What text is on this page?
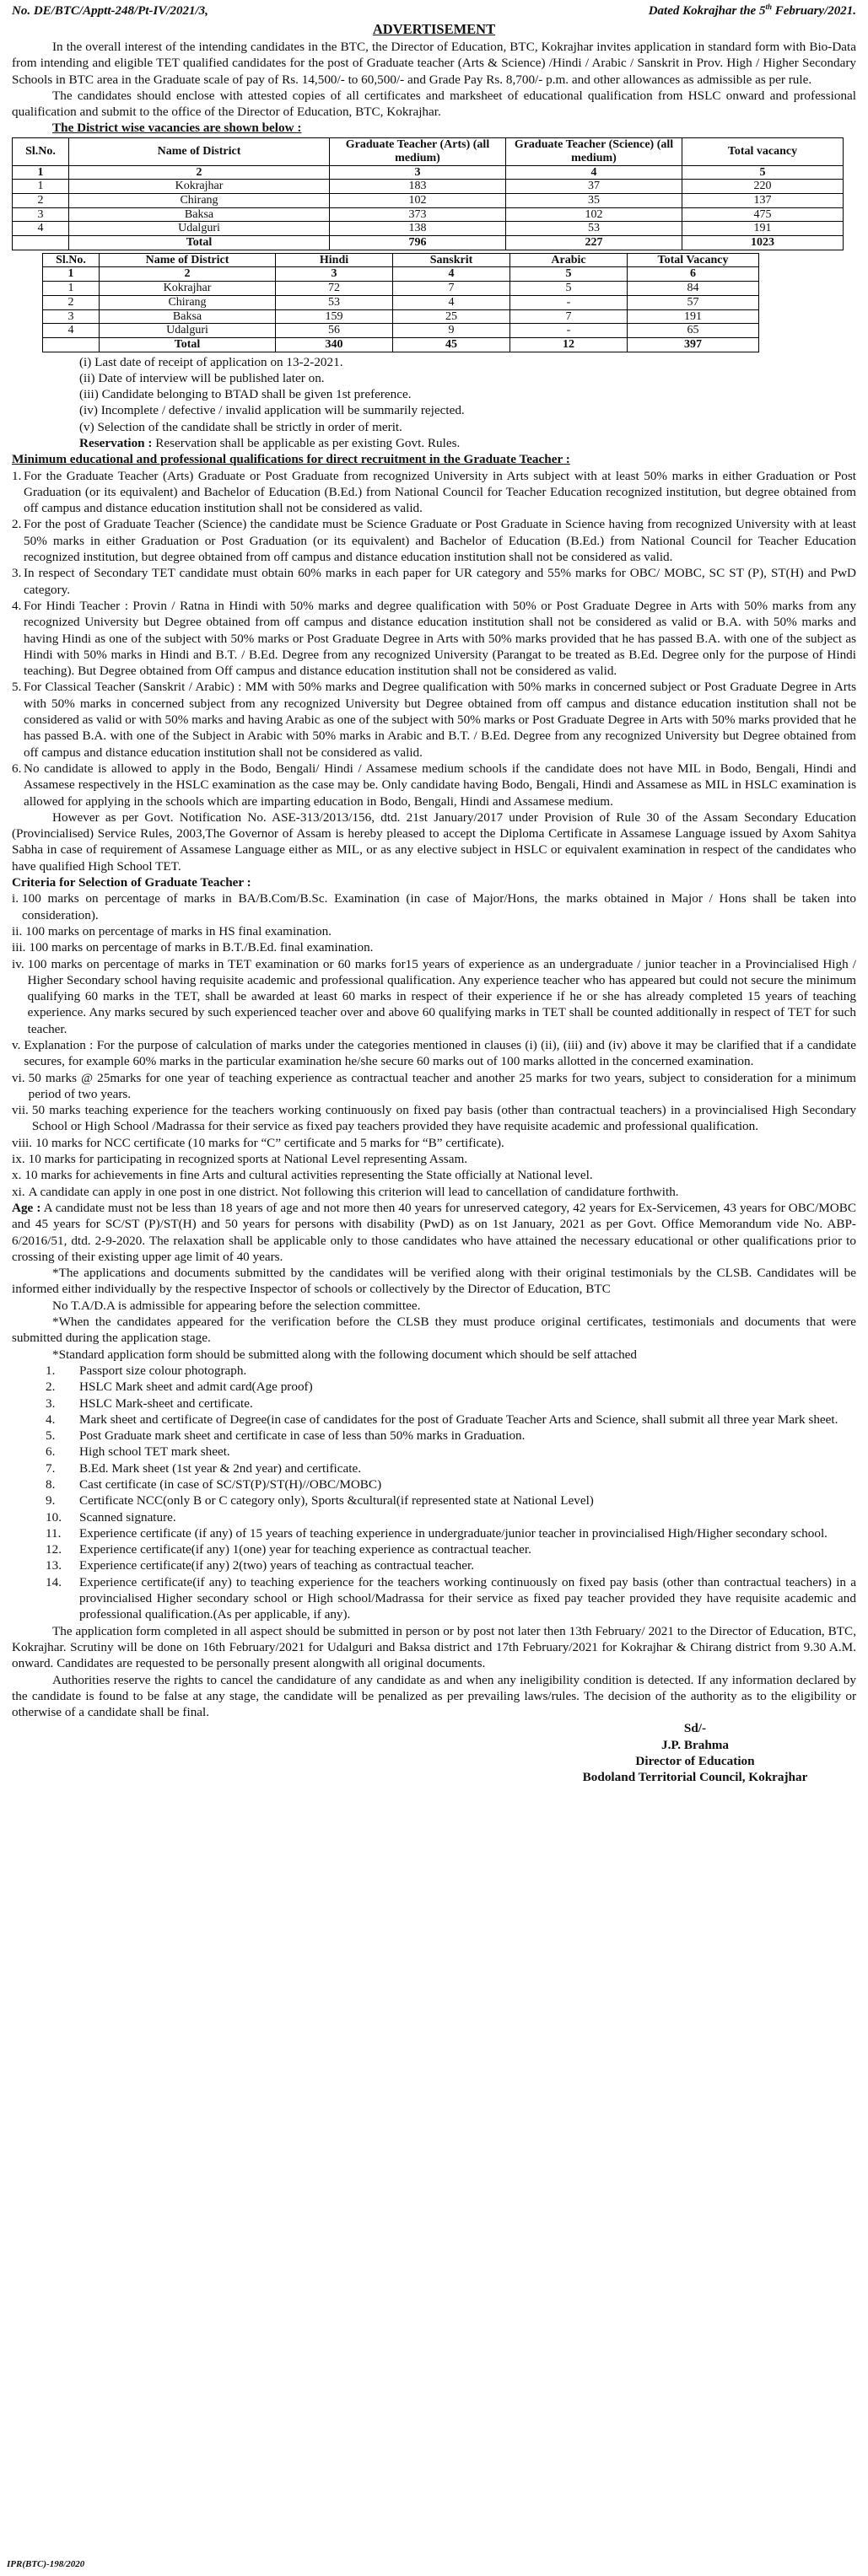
No. DE/BTC/Apptt-248/Pt-IV/2021/3,	Dated Kokrajhar the 5th February/2021.
ADVERTISEMENT

In the overall interest of the intending candidates in the BTC, the Director of Education, BTC, Kokrajhar invites application in standard form with Bio-Data from intending and eligible TET qualified candidates for the post of Graduate teacher (Arts & Science) /Hindi / Arabic / Sanskrit in Prov. High / Higher Secondary Schools in BTC area in the Graduate scale of pay of Rs. 14,500/- to 60,500/- and Grade Pay Rs. 8,700/- p.m. and other allowances as admissible as per rule.

The candidates should enclose with attested copies of all certificates and marksheet of educational qualification from HSLC onward and professional qualification and submit to the office of the Director of Education, BTC, Kokrajhar.

The District wise vacancies are shown below :
Sl.No.	Name of District	Graduate Teacher (Arts) (all medium)	Graduate Teacher (Science) (all medium)	Total vacancy
1	2	3	4	5
1	Kokrajhar	183	37	220
2	Chirang	102	35	137
3	Baksa	373	102	475
4	Udalguri	138	53	191
	Total	796	227	1023
Sl.No.	Name of District	Hindi	Sanskrit	Arabic	Total Vacancy
1	2	3	4	5	6
1	Kokrajhar	72	7	5	84
2	Chirang	53	4	-	57
3	Baksa	159	25	7	191
4	Udalguri	56	9	-	65
	Total	340	45	12	397
(i) Last date of receipt of application on 13-2-2021.
(ii) Date of interview will be published later on.
(iii) Candidate belonging to BTAD shall be given 1st preference.
(iv) Incomplete / defective / invalid application will be summarily rejected.
(v) Selection of the candidate shall be strictly in order of merit.
Reservation : Reservation shall be applicable as per existing Govt. Rules.
Minimum educational and professional qualifications for direct recruitment in the Graduate Teacher :
1. For the Graduate Teacher (Arts) Graduate or Post Graduate from recognized University in Arts subject with at least 50% marks in either Graduation or Post Graduation (or its equivalent) and Bachelor of Education (B.Ed.) from National Council for Teacher Education recognized institution, but degree obtained from off campus and distance education institution shall not be considered as valid.
2. For the post of Graduate Teacher (Science) the candidate must be Science Graduate or Post Graduate in Science having from recognized University with at least 50% marks in either Graduation or Post Graduation (or its equivalent) and Bachelor of Education (B.Ed.) from National Council for Teacher Education recognized institution, but degree obtained from off campus and distance education institution shall not be considered as valid.
3. In respect of Secondary TET candidate must obtain 60% marks in each paper for UR category and 55% marks for OBC/ MOBC, SC ST (P), ST(H) and PwD category.
4. For Hindi Teacher : Provin / Ratna in Hindi with 50% marks and degree qualification with 50% or Post Graduate Degree in Arts with 50% marks from any recognized University but Degree obtained from off campus and distance education institution shall not be considered as valid or B.A. with 50% marks and having Hindi as one of the subject with 50% marks or Post Graduate Degree in Arts with 50% marks provided that he has passed B.A. with one of the subject as Hindi with 50% marks in Hindi and B.T. / B.Ed. Degree from any recognized University (Parangat to be treated as B.Ed. Degree only for the purpose of Hindi teaching). But Degree obtained from Off campus and distance education institution shall not be considered as valid.
5. For Classical Teacher (Sanskrit / Arabic) : MM with 50% marks and Degree qualification with 50% marks in concerned subject or Post Graduate Degree in Arts with 50% marks in concerned subject from any recognized University but Degree obtained from off campus and distance education institution shall not be considered as valid or with 50% marks and having Arabic as one of the subject with 50% marks or Post Graduate Degree in Arts with 50% marks provided that he has passed B.A. with one of the Subject in Arabic with 50% marks in Arabic and B.T. / B.Ed. Degree from any recognized University but Degree obtained from off campus and distance education institution shall not be considered as valid.
6. No candidate is allowed to apply in the Bodo, Bengali/ Hindi / Assamese medium schools if the candidate does not have MIL in Bodo, Bengali, Hindi and Assamese respectively in the HSLC examination as the case may be. Only candidate having Bodo, Bengali, Hindi and Assamese as MIL in HSLC examination is allowed for applying in the schools which are imparting education in Bodo, Bengali, Hindi and Assamese medium.

However as per Govt. Notification No. ASE-313/2013/156, dtd. 21st January/2017 under Provision of Rule 30 of the Assam Secondary Education (Provincialised) Service Rules, 2003,The Governor of Assam is hereby pleased to accept the Diploma Certificate in Assamese Language issued by Axom Sahitya Sabha in case of requirement of Assamese Language either as MIL, or as any elective subject in HSLC or equivalent examination in respect of the candidates who have qualified High School TET.

Criteria for Selection of Graduate Teacher :
i. 100 marks on percentage of marks in BA/B.Com/B.Sc. Examination (in case of Major/Hons, the marks obtained in Major / Hons shall be taken into consideration).
ii. 100 marks on percentage of marks in HS final examination.
iii. 100 marks on percentage of marks in B.T./B.Ed. final examination.
iv. 100 marks on percentage of marks in TET examination or 60 marks for15 years of experience as an undergraduate / junior teacher in a Provincialised High / Higher Secondary school having requisite academic and professional qualification. Any experience teacher who has appeared but could not secure the minimum qualifying 60 marks in the TET, shall be awarded at least 60 marks in respect of their experience if he or she has already completed 15 years of teaching experience. Any marks secured by such experienced teacher over and above 60 qualifying marks in TET shall be counted additionally in respect of TET for such teacher.
v. Explanation : For the purpose of calculation of marks under the categories mentioned in clauses (i) (ii), (iii) and (iv) above it may be clarified that if a candidate secures, for example 60% marks in the particular examination he/she secure 60 marks out of 100 marks allotted in the concerned examination.
vi. 50 marks @ 25marks for one year of teaching experience as contractual teacher and another 25 marks for two years, subject to consideration for a minimum period of two years.
vii. 50 marks teaching experience for the teachers working continuously on fixed pay basis (other than contractual teachers) in a provincialised High Secondary School or High School /Madrassa for their service as fixed pay teachers provided they have requisite academic and professional qualification.
viii. 10 marks for NCC certificate (10 marks for “C” certificate and 5 marks for “B” certificate).
ix. 10 marks for participating in recognized sports at National Level representing Assam.
x. 10 marks for achievements in fine Arts and cultural activities representing the State officially at National level.
xi. A candidate can apply in one post in one district. Not following this criterion will lead to cancellation of candidature forthwith.

Age : A candidate must not be less than 18 years of age and not more then 40 years for unreserved category, 42 years for Ex-Servicemen, 43 years for OBC/MOBC and 45 years for SC/ST (P)/ST(H) and 50 years for persons with disability (PwD) as on 1st January, 2021 as per Govt. Office Memorandum vide No. ABP-6/2016/51, dtd. 2-9-2020. The relaxation shall be applicable only to those candidates who have attained the necessary educational or other qualifications prior to crossing of their existing upper age limit of 40 years.

*The applications and documents submitted by the candidates will be verified along with their original testimonials by the CLSB. Candidates will be informed either individually by the respective Inspector of schools or collectively by the Director of Education, BTC

No T.A/D.A is admissible for appearing before the selection committee.

*When the candidates appeared for the verification before the CLSB they must produce original certificates, testimonials and documents that were submitted during the application stage.

*Standard application form should be submitted along with the following document which should be self attached

1.	Passport size colour photograph.
2.	HSLC Mark sheet and admit card(Age proof)
3.	HSLC Mark-sheet and certificate.
4.	Mark sheet and certificate of Degree(in case of candidates for the post of Graduate Teacher Arts and Science, shall submit all three year Mark sheet.
5.	Post Graduate mark sheet and certificate in case of less than 50% marks in Graduation.
6.	High school TET mark sheet.
7.	B.Ed. Mark sheet (1st year & 2nd year) and certificate.
8.	Cast certificate (in case of SC/ST(P)/ST(H)//OBC/MOBC)
9.	Certificate NCC(only B or C category only), Sports &cultural(if represented state at National Level)
10.	Scanned signature.
11.	Experience certificate (if any) of 15 years of teaching experience in undergraduate/junior teacher in provincialised High/Higher secondary school.
12.	Experience certificate(if any) 1(one) year for teaching experience as contractual teacher.
13.	Experience certificate(if any) 2(two) years of teaching as contractual teacher.
14.	Experience certificate(if any) to teaching experience for the teachers working continuously on fixed pay basis (other than contractual teachers) in a provincialised Higher secondary school or High school/Madrassa for their service as fixed pay teacher provided they have requisite academic and professional qualification.(As per applicable, if any).

The application form completed in all aspect should be submitted in person or by post not later then 13th February/ 2021 to the Director of Education, BTC, Kokrajhar. Scrutiny will be done on 16th February/2021 for Udalguri and Baksa district and 17th February/2021 for Kokrajhar & Chirang district from 9.30 A.M. onward. Candidates are requested to be personally present alongwith all original documents.

Authorities reserve the rights to cancel the candidature of any candidate as and when any ineligibility condition is detected. If any information declared by the candidate is found to be false at any stage, the candidate will be penalized as per prevailing laws/rules. The decision of the authority as to the eligibility or otherwise of a candidate shall be final.

Sd/-
J.P. Brahma
Director of Education
Bodoland Territorial Council, Kokrajhar
IPR(BTC)-198/2020
